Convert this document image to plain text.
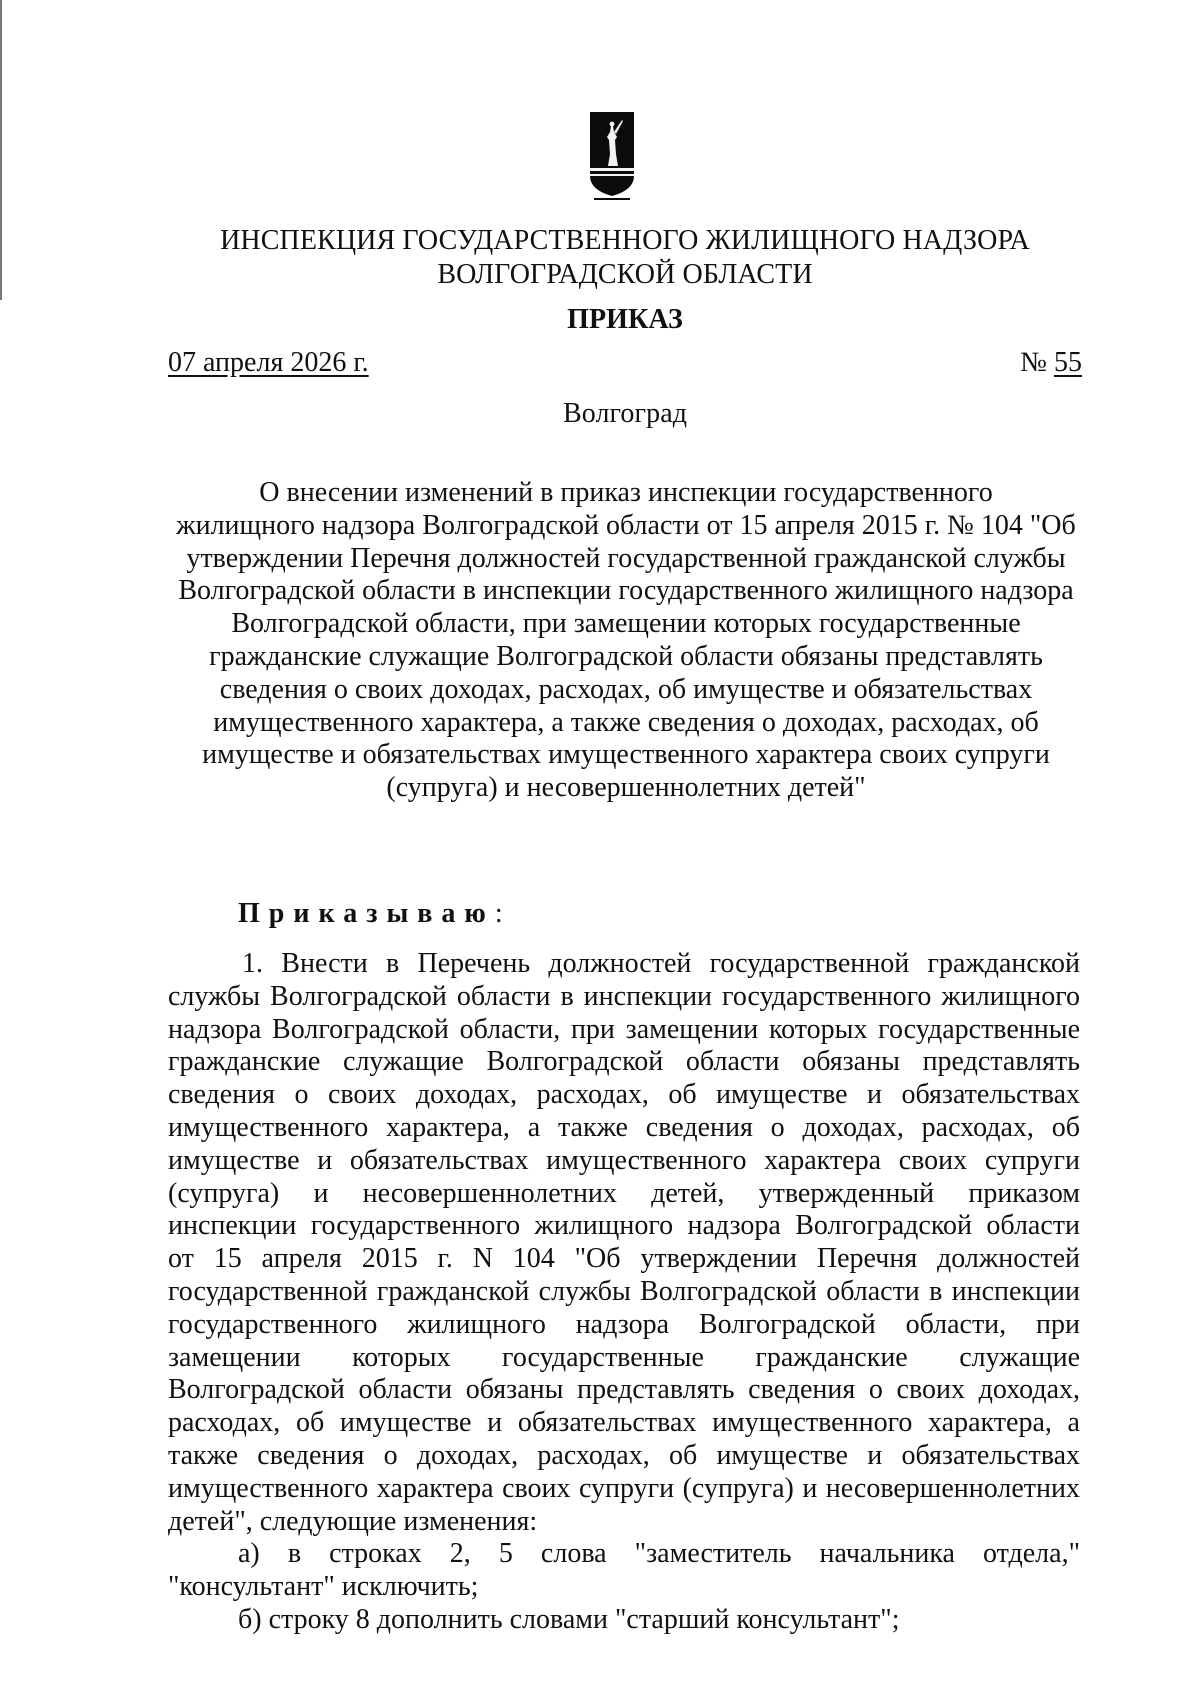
ИНСПЕКЦИЯ ГОСУДАРСТВЕННОГО ЖИЛИЩНОГО НАДЗОРА
ВОЛГОГРАДСКОЙ ОБЛАСТИ
ПРИКАЗ
07 апреля 2026 г.	№ 55
Волгоград
О внесении изменений в приказ инспекции государственного
жилищного надзора Волгоградской области от 15 апреля 2015 г. № 104 "Об
утверждении Перечня должностей государственной гражданской службы
Волгоградской области в инспекции государственного жилищного надзора
Волгоградской области, при замещении которых государственные
гражданские служащие Волгоградской области обязаны представлять
сведения о своих доходах, расходах, об имуществе и обязательствах
имущественного характера, а также сведения о доходах, расходах, об
имуществе и обязательствах имущественного характера своих супруги
(супруга) и несовершеннолетних детей"
Приказываю:
1. Внести в Перечень должностей государственной гражданской
службы Волгоградской области в инспекции государственного жилищного
надзора Волгоградской области, при замещении которых государственные
гражданские служащие Волгоградской области обязаны представлять
сведения о своих доходах, расходах, об имуществе и обязательствах
имущественного характера, а также сведения о доходах, расходах, об
имуществе и обязательствах имущественного характера своих супруги
(супруга) и несовершеннолетних детей, утвержденный приказом
инспекции государственного жилищного надзора Волгоградской области
от 15 апреля 2015 г. N 104 "Об утверждении Перечня должностей
государственной гражданской службы Волгоградской области в инспекции
государственного жилищного надзора Волгоградской области, при
замещении которых государственные гражданские служащие
Волгоградской области обязаны представлять сведения о своих доходах,
расходах, об имуществе и обязательствах имущественного характера, а
также сведения о доходах, расходах, об имуществе и обязательствах
имущественного характера своих супруги (супруга) и несовершеннолетних
детей", следующие изменения:
а) в строках 2, 5 слова "заместитель начальника отдела,"
"консультант" исключить;
б) строку 8 дополнить словами "старший консультант";
